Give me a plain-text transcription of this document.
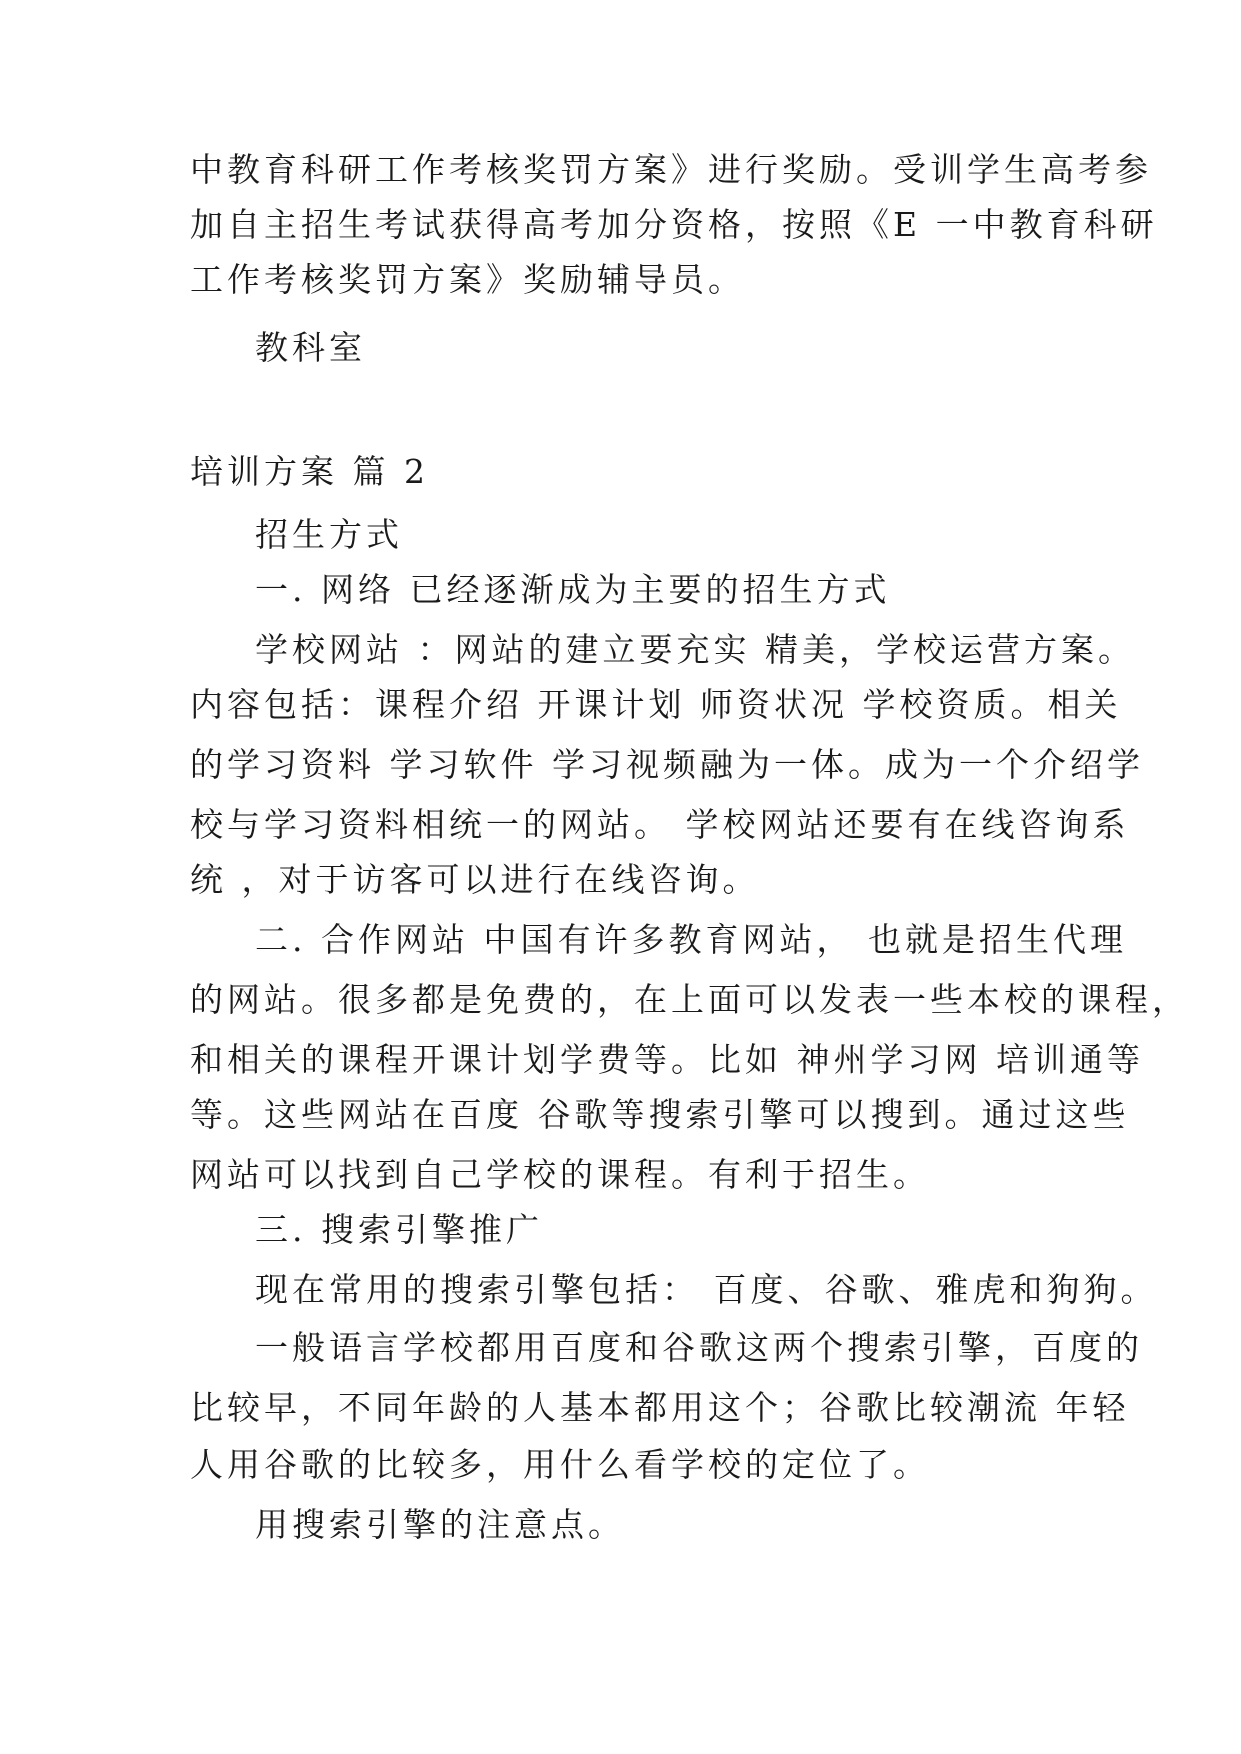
中教育科研工作考核奖罚方案》进行奖励。受训学生高考参
加自主招生考试获得高考加分资格，按照《E 一中教育科研
工作考核奖罚方案》奖励辅导员。
教科室
培训方案 篇 2
招生方式
一. 网络 已经逐渐成为主要的招生方式
学校网站 ：网站的建立要充实 精美，学校运营方案。
内容包括：课程介绍 开课计划 师资状况 学校资质。相关
的学习资料 学习软件 学习视频融为一体。成为一个介绍学
校与学习资料相统一的网站。 学校网站还要有在线咨询系
统 ，对于访客可以进行在线咨询。
二. 合作网站 中国有许多教育网站， 也就是招生代理
的网站。很多都是免费的，在上面可以发表一些本校的课程，
和相关的课程开课计划学费等。比如 神州学习网 培训通等
等。这些网站在百度 谷歌等搜索引擎可以搜到。通过这些
网站可以找到自己学校的课程。有利于招生。
三. 搜索引擎推广
现在常用的搜索引擎包括： 百度、谷歌、雅虎和狗狗。
一般语言学校都用百度和谷歌这两个搜索引擎，百度的
比较早，不同年龄的人基本都用这个；谷歌比较潮流 年轻
人用谷歌的比较多，用什么看学校的定位了。
用搜索引擎的注意点。
